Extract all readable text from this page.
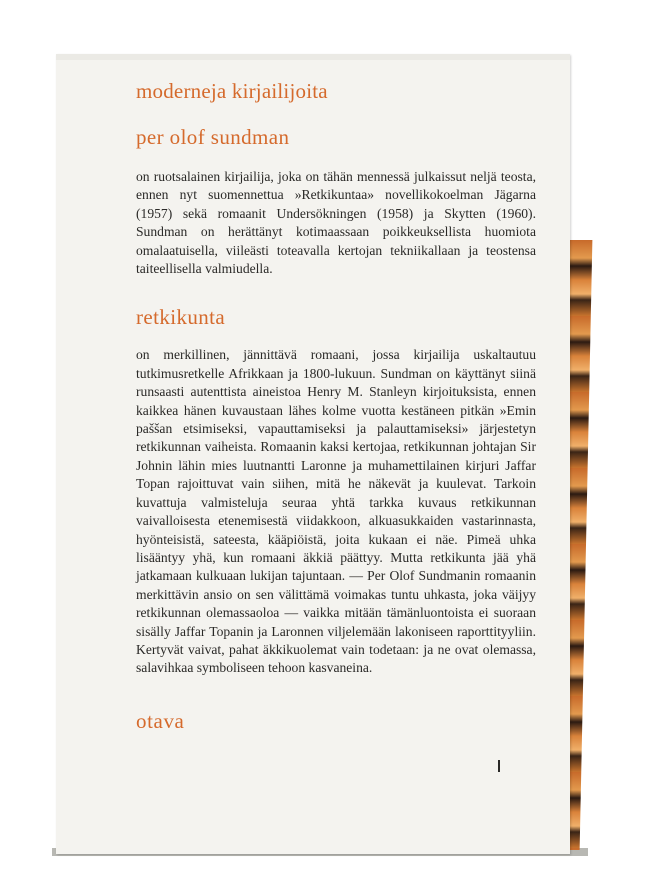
moderneja kirjailijoita

per olof sundman

on ruotsalainen kirjailija, joka on tähän mennessä julkaissut neljä teosta, ennen nyt suomennettua »Retkikuntaa» novellikokoelman Jägarna (1957) sekä romaanit Undersökningen (1958) ja Skytten (1960). Sundman on herättänyt kotimaassaan poikkeuksellista huomiota omalaatuisella, viileästi toteavalla kertojan tekniikallaan ja teostensa taiteellisella valmiudella.

retkikunta

on merkillinen, jännittävä romaani, jossa kirjailija uskaltautuu tutkimusretkelle Afrikkaan ja 1800-lukuun. Sundman on käyttänyt siinä runsaasti autenttista aineistoa Henry M. Stanleyn kirjoituksista, ennen kaikkea hänen kuvaustaan lähes kolme vuotta kestäneen pitkän »Emin paššan etsimiseksi, vapauttamiseksi ja palauttamiseksi» järjestetyn retkikunnan vaiheista. Romaanin kaksi kertojaa, retkikunnan johtajan Sir Johnin lähin mies luutnantti Laronne ja muhamettilainen kirjuri Jaffar Topan rajoittuvat vain siihen, mitä he näkevät ja kuulevat. Tarkoin kuvattuja valmisteluja seuraa yhtä tarkka kuvaus retkikunnan vaivalloisesta etenemisestä viidakkoon, alkuasukkaiden vastarinnasta, hyönteisistä, sateesta, kääpiöistä, joita kukaan ei näe. Pimeä uhka lisääntyy yhä, kun romaani äkkiä päättyy. Mutta retkikunta jää yhä jatkamaan kulkuaan lukijan tajuntaan. — Per Olof Sundmanin romaanin merkittävin ansio on sen välittämä voimakas tuntu uhkasta, joka väijyy retkikunnan olemassaoloa — vaikka mitään tämänluontoista ei suoraan sisälly Jaffar Topanin ja Laronnen viljelemään lakoniseen raporttityyliin. Kertyvät vaivat, pahat äkkikuolemat vain todetaan: ja ne ovat olemassa, salavihkaa symboliseen tehoon kasvaneina.

otava
